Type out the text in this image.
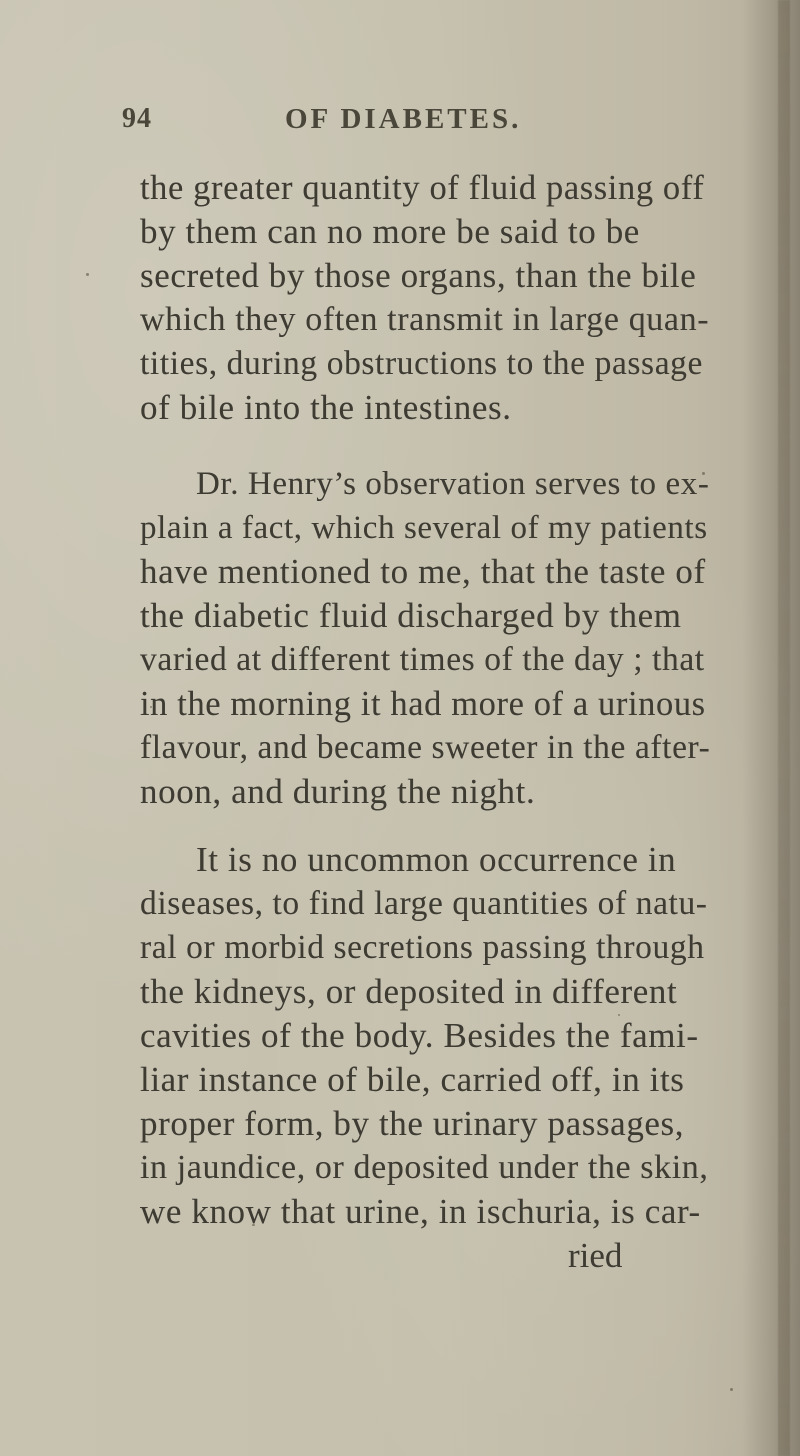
94	OF DIABETES.
the greater quantity of fluid passing off
by them can no more be said to be
secreted by those organs, than the bile
which they often transmit in large quan-
tities, during obstructions to the passage
of bile into the intestines.
Dr. Henry’s observation serves to ex-
plain a fact, which several of my patients
have mentioned to me, that the taste of
the diabetic fluid discharged by them
varied at different times of the day ; that
in the morning it had more of a urinous
flavour, and became sweeter in the after-
noon, and during the night.
It is no uncommon occurrence in
diseases, to find large quantities of natu-
ral or morbid secretions passing through
the kidneys, or deposited in different
cavities of the body. Besides the fami-
liar instance of bile, carried off, in its
proper form, by the urinary passages,
in jaundice, or deposited under the skin,
we know that urine, in ischuria, is car-
ried
